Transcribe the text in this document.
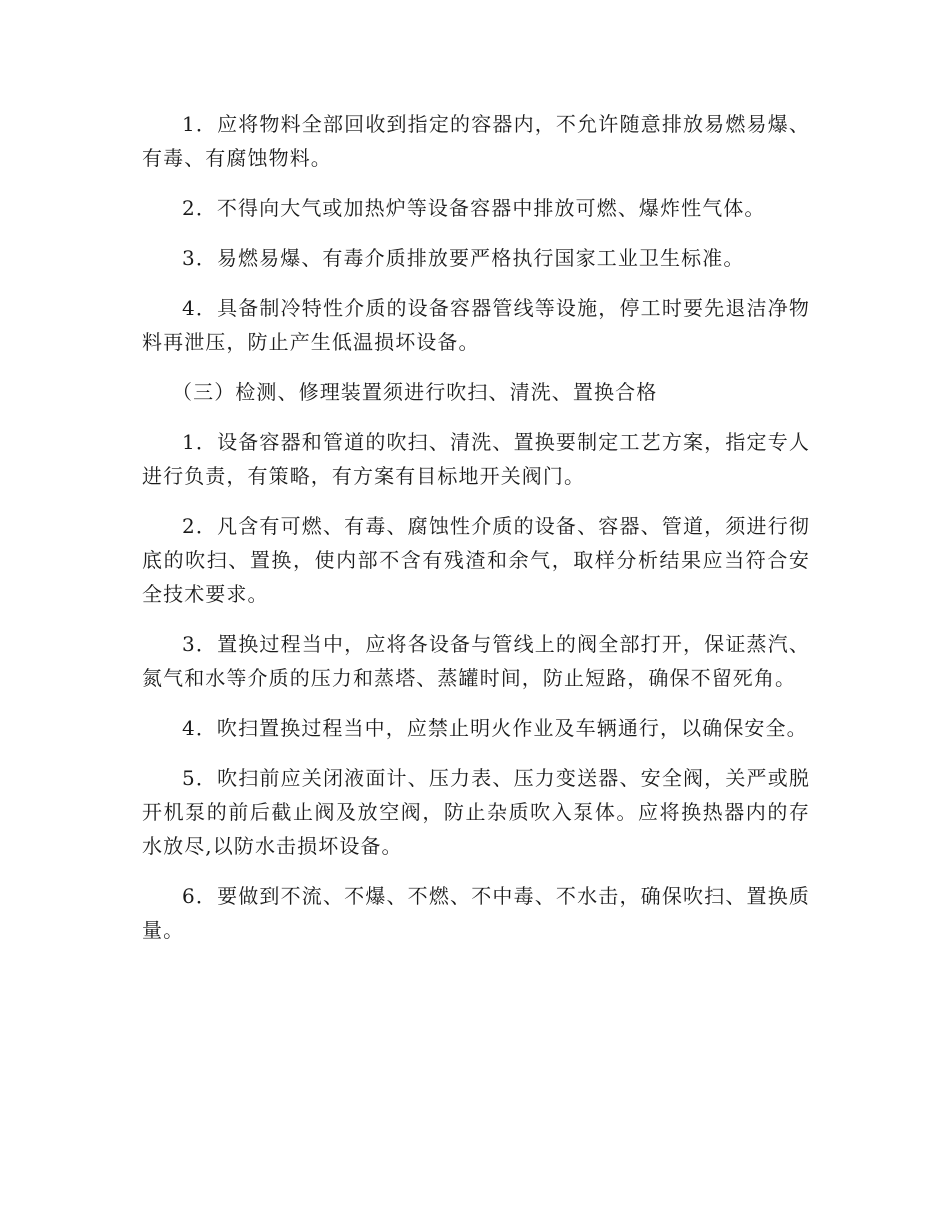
1．应将物料全部回收到指定的容器内，不允许随意排放易燃易爆、有毒、有腐蚀物料。

2．不得向大气或加热炉等设备容器中排放可燃、爆炸性气体。

3．易燃易爆、有毒介质排放要严格执行国家工业卫生标准。

4．具备制冷特性介质的设备容器管线等设施，停工时要先退洁净物料再泄压，防止产生低温损坏设备。

（三）检测、修理装置须进行吹扫、清洗、置换合格

1．设备容器和管道的吹扫、清洗、置换要制定工艺方案，指定专人进行负责，有策略，有方案有目标地开关阀门。

2．凡含有可燃、有毒、腐蚀性介质的设备、容器、管道，须进行彻底的吹扫、置换，使内部不含有残渣和余气，取样分析结果应当符合安全技术要求。

3．置换过程当中，应将各设备与管线上的阀全部打开，保证蒸汽、氮气和水等介质的压力和蒸塔、蒸罐时间，防止短路，确保不留死角。

4．吹扫置换过程当中，应禁止明火作业及车辆通行，以确保安全。

5．吹扫前应关闭液面计、压力表、压力变送器、安全阀，关严或脱开机泵的前后截止阀及放空阀，防止杂质吹入泵体。应将换热器内的存水放尽,以防水击损坏设备。

6．要做到不流、不爆、不燃、不中毒、不水击，确保吹扫、置换质量。
